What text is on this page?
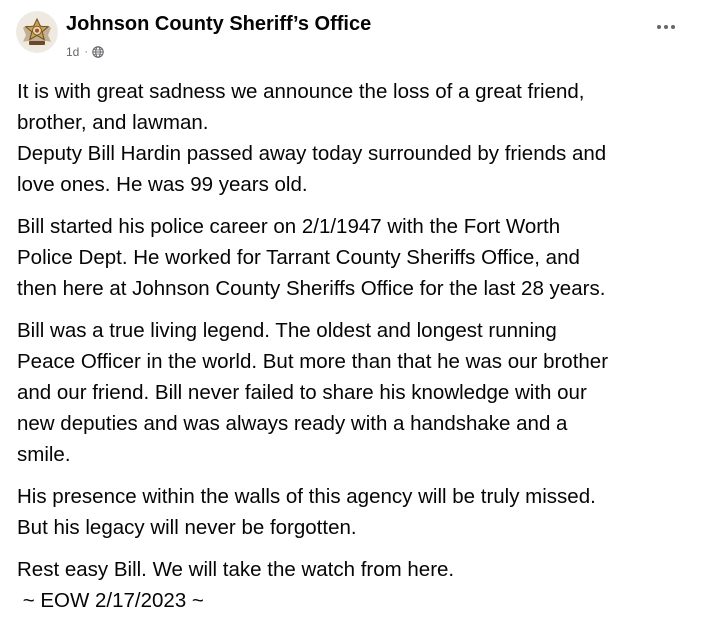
Johnson County Sheriff’s Office
1d ·

It is with great sadness we announce the loss of a great friend,
brother, and lawman.
Deputy Bill Hardin passed away today surrounded by friends and
love ones. He was 99 years old.

Bill started his police career on 2/1/1947 with the Fort Worth
Police Dept. He worked for Tarrant County Sheriffs Office, and
then here at Johnson County Sheriffs Office for the last 28 years.

Bill was a true living legend. The oldest and longest running
Peace Officer in the world. But more than that he was our brother
and our friend. Bill never failed to share his knowledge with our
new deputies and was always ready with a handshake and a
smile.

His presence within the walls of this agency will be truly missed.
But his legacy will never be forgotten.

Rest easy Bill. We will take the watch from here.
~ EOW 2/17/2023 ~
